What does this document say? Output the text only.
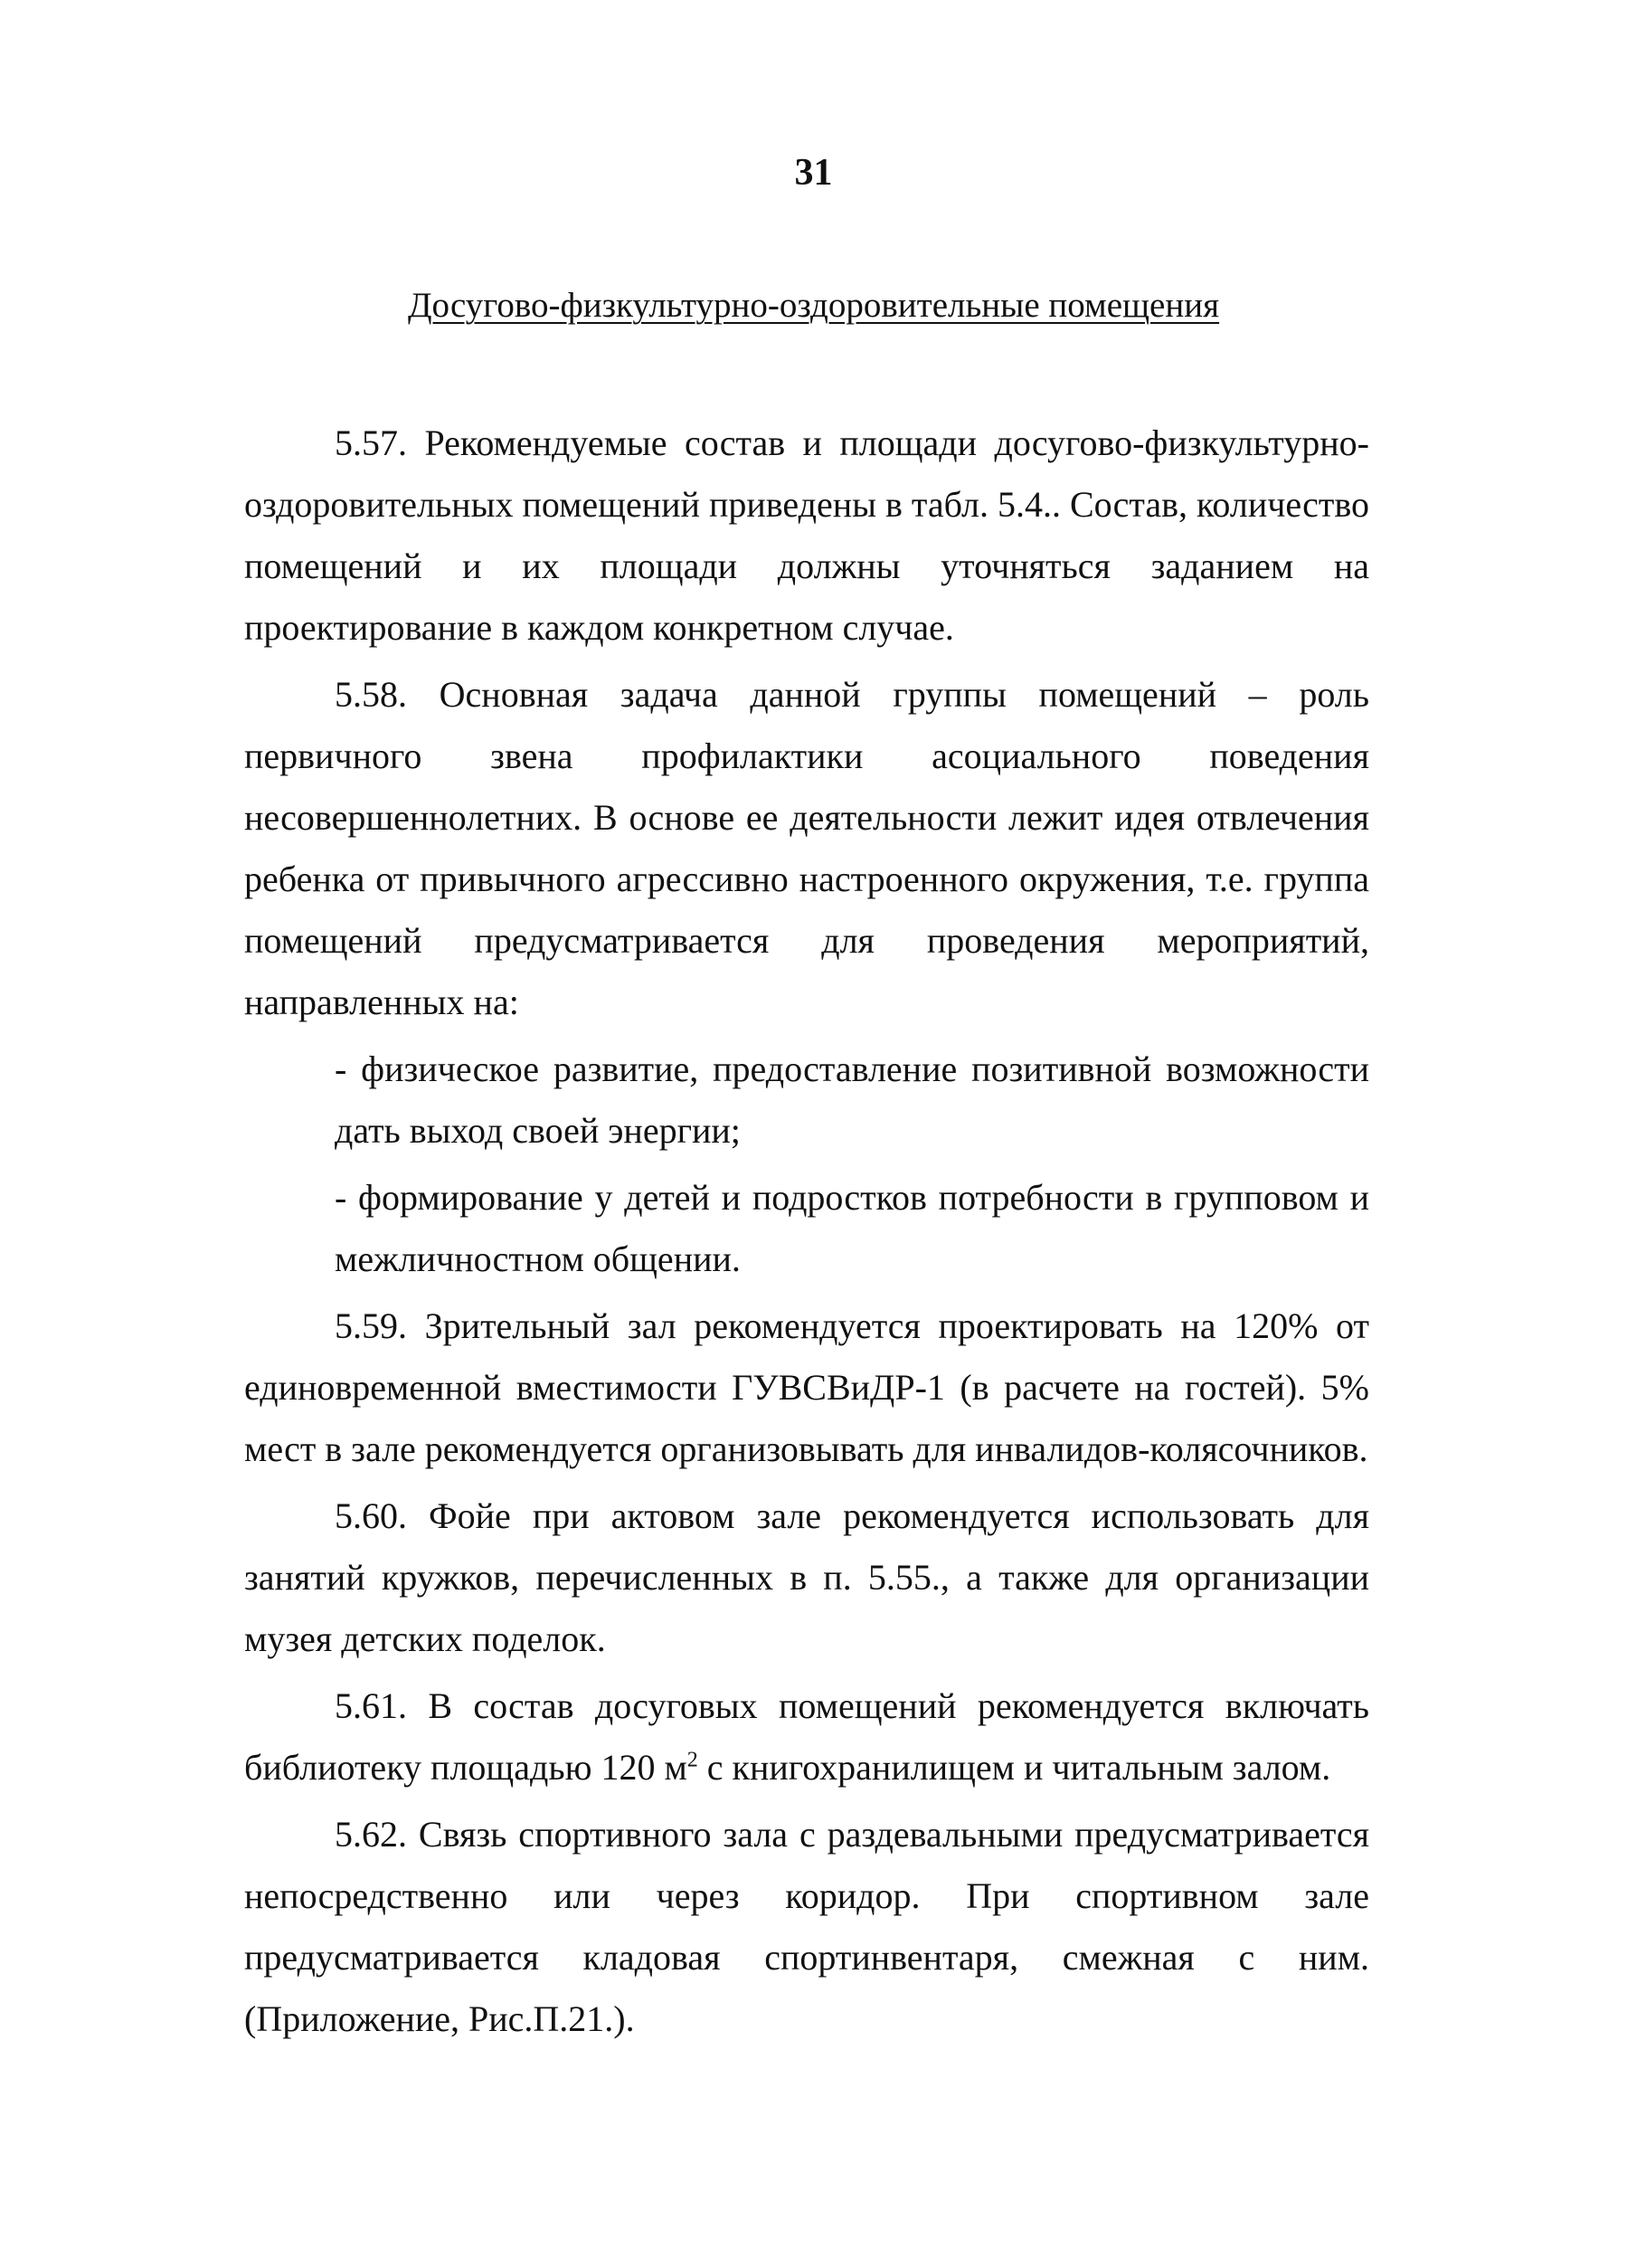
31
Досугово-физкультурно-оздоровительные помещения

5.57. Рекомендуемые состав и площади досугово-физкультурно-оздоровительных помещений приведены в табл. 5.4.. Состав, количество помещений и их площади должны уточняться заданием на проектирование в каждом конкретном случае.

5.58. Основная задача данной группы помещений – роль первичного звена профилактики асоциального поведения несовершеннолетних. В основе ее деятельности лежит идея отвлечения ребенка от привычного агрессивно настроенного окружения, т.е. группа помещений предусматривается для проведения мероприятий, направленных на:

- физическое развитие, предоставление позитивной возможности дать выход своей энергии;

- формирование у детей и подростков потребности в групповом и межличностном общении.

5.59. Зрительный зал рекомендуется проектировать на 120% от единовременной вместимости ГУВСВиДР-1 (в расчете на гостей). 5% мест в зале рекомендуется организовывать для инвалидов-колясочников.

5.60. Фойе при актовом зале рекомендуется использовать для занятий кружков, перечисленных в п. 5.55., а также для организации музея детских поделок.

5.61. В состав досуговых помещений рекомендуется включать библиотеку площадью 120 $м^2$ с книгохранилищем и читальным залом.

5.62. Связь спортивного зала с раздевальными предусматривается непосредственно или через коридор. При спортивном зале предусматривается кладовая спортинвентаря, смежная с ним. (Приложение, Рис.П.21.).
